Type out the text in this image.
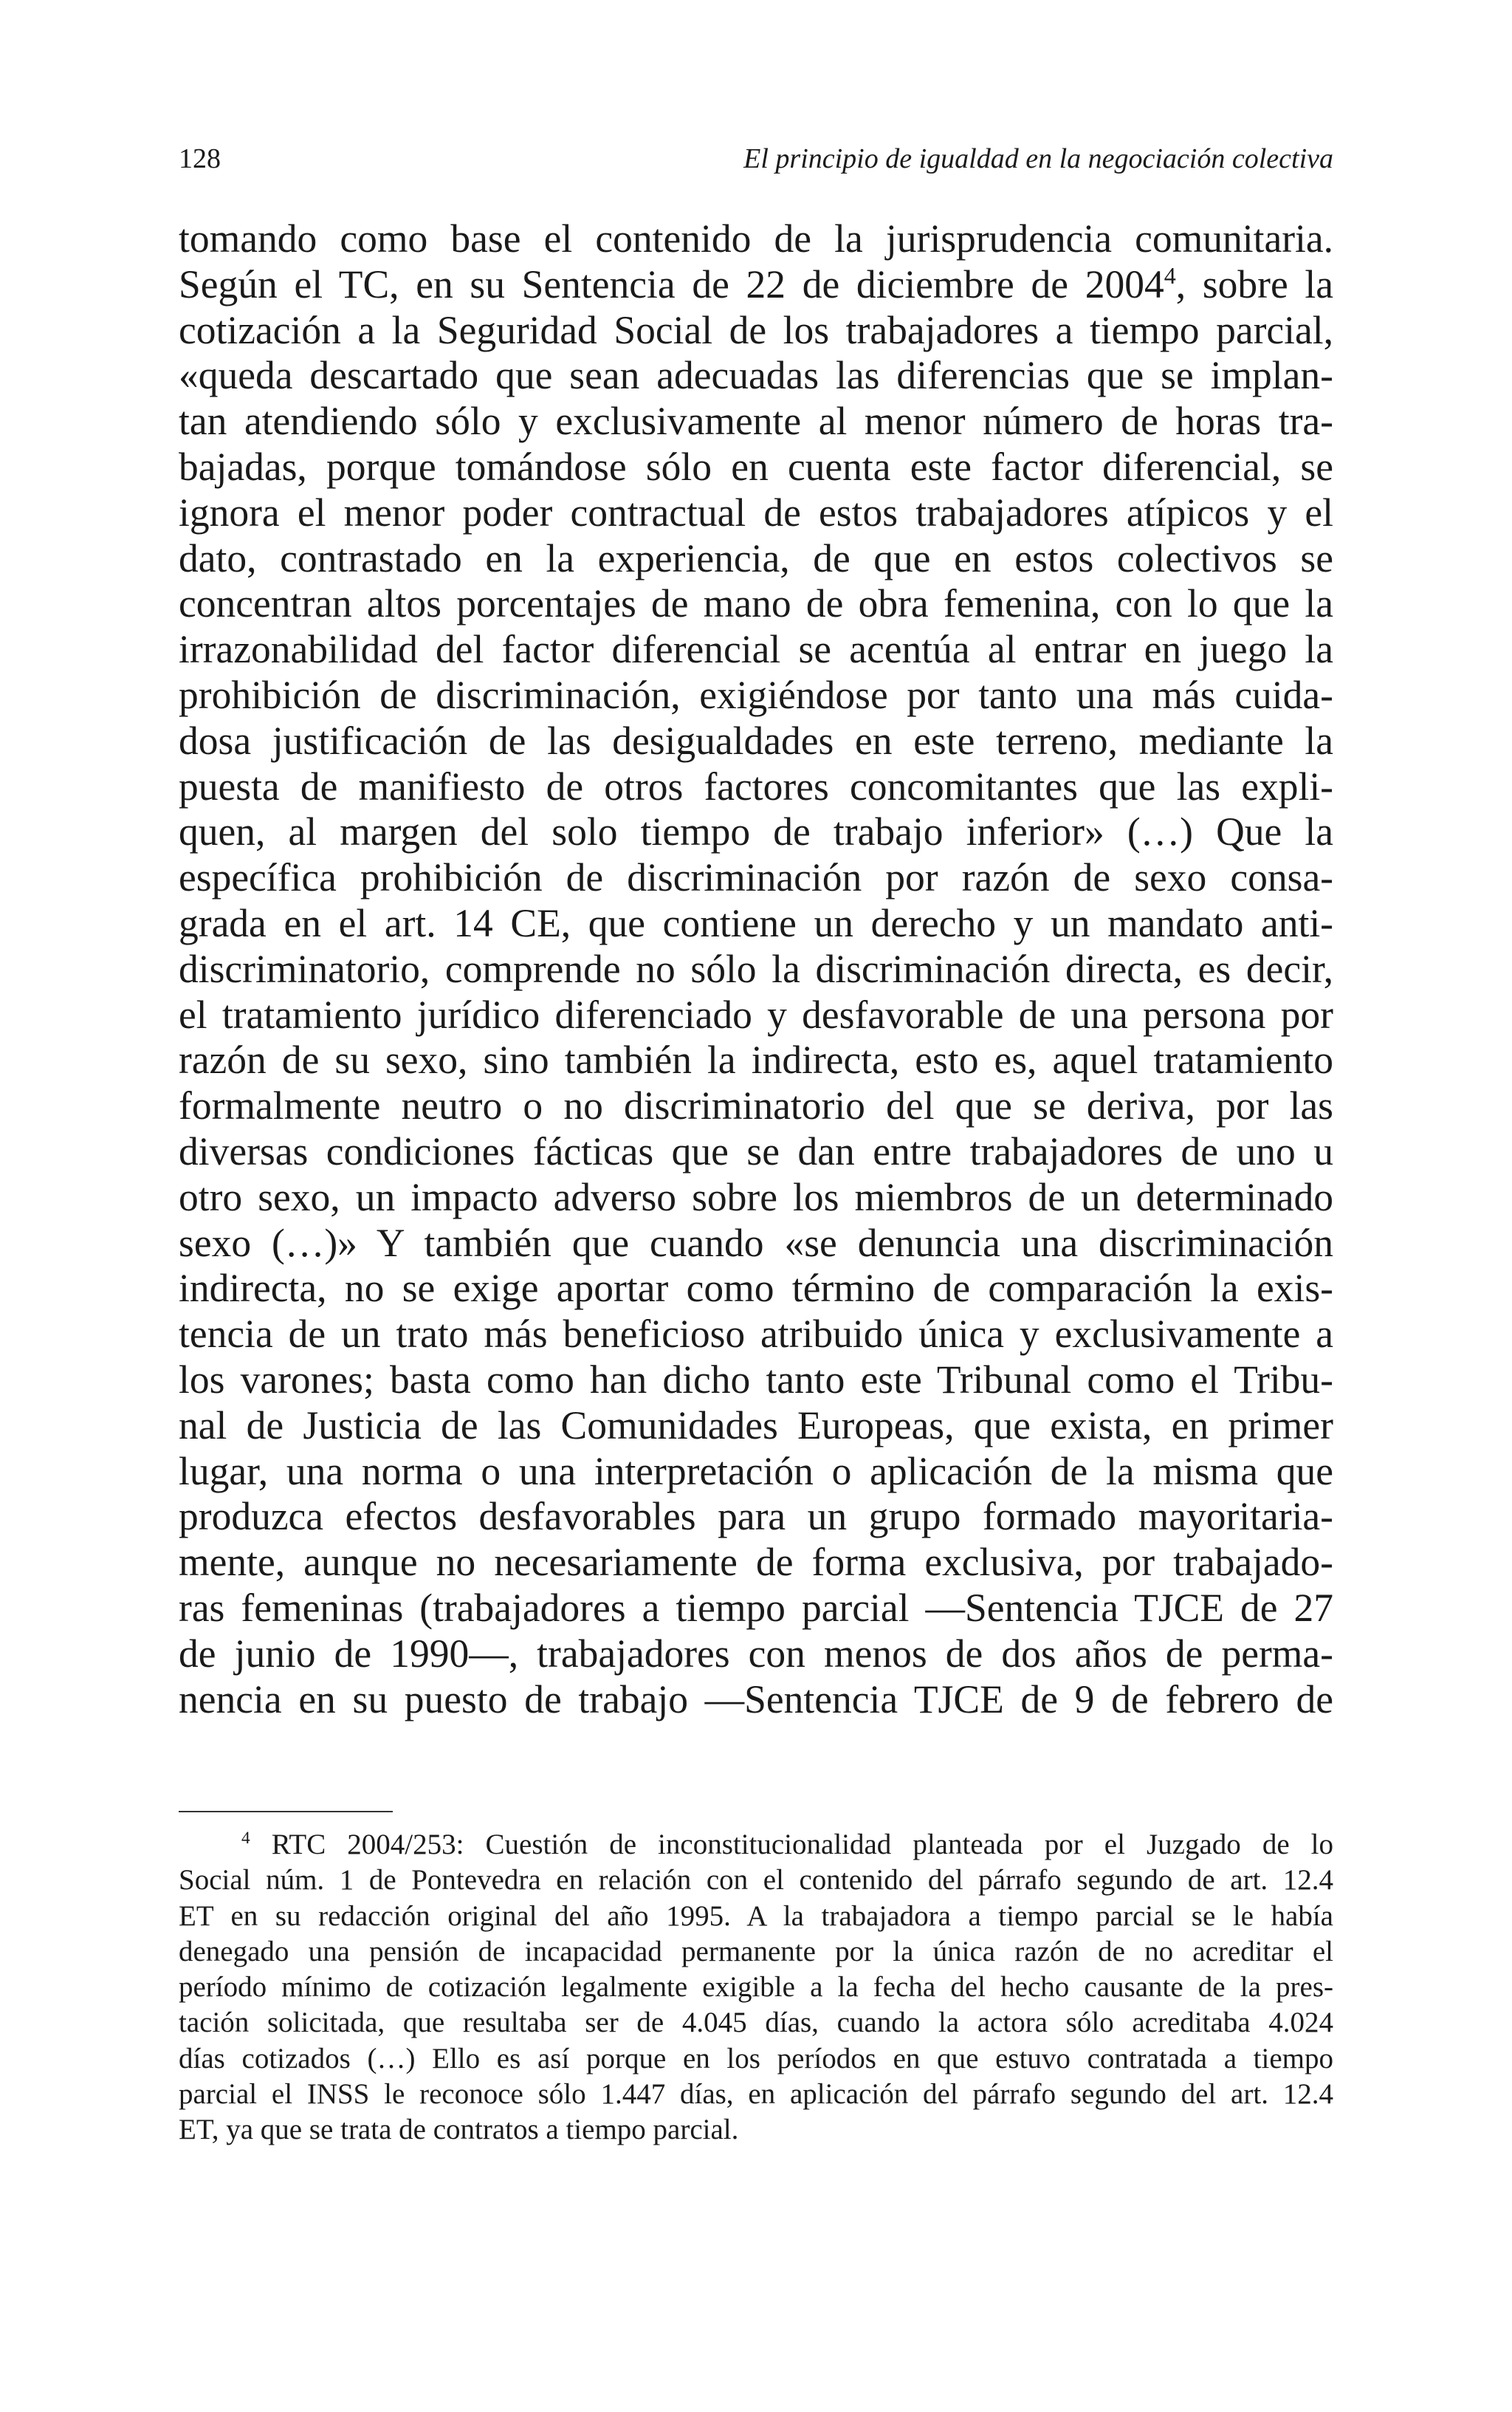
128	El principio de igualdad en la negociación colectiva

tomando como base el contenido de la jurisprudencia comunitaria.
Según el TC, en su Sentencia de 22 de diciembre de 2004$^4$, sobre la
cotización a la Seguridad Social de los trabajadores a tiempo parcial,
«queda descartado que sean adecuadas las diferencias que se implan-
tan atendiendo sólo y exclusivamente al menor número de horas tra-
bajadas, porque tomándose sólo en cuenta este factor diferencial, se
ignora el menor poder contractual de estos trabajadores atípicos y el
dato, contrastado en la experiencia, de que en estos colectivos se
concentran altos porcentajes de mano de obra femenina, con lo que la
irrazonabilidad del factor diferencial se acentúa al entrar en juego la
prohibición de discriminación, exigiéndose por tanto una más cuida-
dosa justificación de las desigualdades en este terreno, mediante la
puesta de manifiesto de otros factores concomitantes que las expli-
quen, al margen del solo tiempo de trabajo inferior» (…) Que la
específica prohibición de discriminación por razón de sexo consa-
grada en el art. 14 CE, que contiene un derecho y un mandato anti-
discriminatorio, comprende no sólo la discriminación directa, es decir,
el tratamiento jurídico diferenciado y desfavorable de una persona por
razón de su sexo, sino también la indirecta, esto es, aquel tratamiento
formalmente neutro o no discriminatorio del que se deriva, por las
diversas condiciones fácticas que se dan entre trabajadores de uno u
otro sexo, un impacto adverso sobre los miembros de un determinado
sexo (…)» Y también que cuando «se denuncia una discriminación
indirecta, no se exige aportar como término de comparación la exis-
tencia de un trato más beneficioso atribuido única y exclusivamente a
los varones; basta como han dicho tanto este Tribunal como el Tribu-
nal de Justicia de las Comunidades Europeas, que exista, en primer
lugar, una norma o una interpretación o aplicación de la misma que
produzca efectos desfavorables para un grupo formado mayoritaria-
mente, aunque no necesariamente de forma exclusiva, por trabajado-
ras femeninas (trabajadores a tiempo parcial —Sentencia TJCE de 27
de junio de 1990—, trabajadores con menos de dos años de perma-
nencia en su puesto de trabajo —Sentencia TJCE de 9 de febrero de

$^4$ RTC 2004/253: Cuestión de inconstitucionalidad planteada por el Juzgado de lo
Social núm. 1 de Pontevedra en relación con el contenido del párrafo segundo de art. 12.4
ET en su redacción original del año 1995. A la trabajadora a tiempo parcial se le había
denegado una pensión de incapacidad permanente por la única razón de no acreditar el
período mínimo de cotización legalmente exigible a la fecha del hecho causante de la pres-
tación solicitada, que resultaba ser de 4.045 días, cuando la actora sólo acreditaba 4.024
días cotizados (…) Ello es así porque en los períodos en que estuvo contratada a tiempo
parcial el INSS le reconoce sólo 1.447 días, en aplicación del párrafo segundo del art. 12.4
ET, ya que se trata de contratos a tiempo parcial.
